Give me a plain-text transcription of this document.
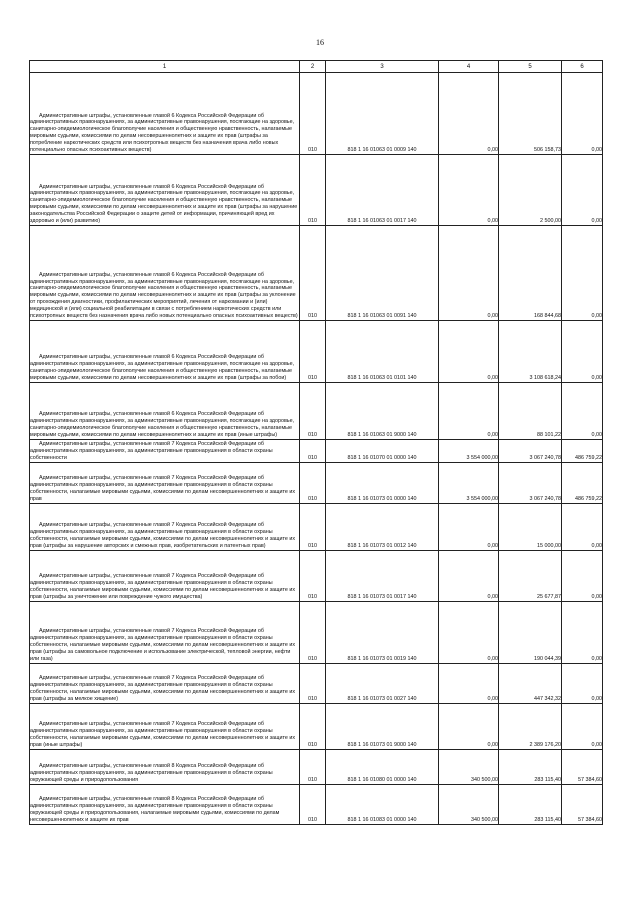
16
1	2	3	4	5	6

Административные штрафы, установленные главой 6 Кодекса Российской Федерации об административных правонарушениях, за административные правонарушения, посягающие на здоровье, санитарно-эпидемиологическое благополучие населения и общественную нравственность, налагаемые мировыми судьями, комиссиями по делам несовершеннолетних и защите их прав (штрафы за потребление наркотических средств или психотропных веществ без назначения врача либо новых потенциально опасных психоактивных веществ)	010	818 1 16 01063 01 0009 140	0,00	506 158,73	0,00

Административные штрафы, установленные главой 6 Кодекса Российской Федерации об административных правонарушениях, за административные правонарушения, посягающие на здоровье, санитарно-эпидемиологическое благополучие населения и общественную нравственность, налагаемые мировыми судьями, комиссиями по делам несовершеннолетних и защите их прав (штрафы за нарушение законодательства Российской Федерации о защите детей от информации, причиняющей вред их здоровью и (или) развитию)	010	818 1 16 01063 01 0017 140	0,00	2 500,00	0,00

Административные штрафы, установленные главой 6 Кодекса Российской Федерации об административных правонарушениях, за административные правонарушения, посягающие на здоровье, санитарно-эпидемиологическое благополучие населения и общественную нравственность, налагаемые мировыми судьями, комиссиями по делам несовершеннолетних и защите их прав (штрафы за уклонение от прохождения диагностики, профилактических мероприятий, лечения от наркомании и (или) медицинской и (или) социальной реабилитации в связи с потреблением наркотических средств или психотропных веществ без назначения врача либо новых потенциально опасных психоактивных веществ)	010	818 1 16 01063 01 0091 140	0,00	168 844,68	0,00

Административные штрафы, установленные главой 6 Кодекса Российской Федерации об административных правонарушениях, за административные правонарушения, посягающие на здоровье, санитарно-эпидемиологическое благополучие населения и общественную нравственность, налагаемые мировыми судьями, комиссиями по делам несовершеннолетних и защите их прав (штрафы за побои)	010	818 1 16 01063 01 0101 140	0,00	3 108 618,24	0,00

Административные штрафы, установленные главой 6 Кодекса Российской Федерации об административных правонарушениях, за административные правонарушения, посягающие на здоровье, санитарно-эпидемиологическое благополучие населения и общественную нравственность, налагаемые мировыми судьями, комиссиями по делам несовершеннолетних и защите их прав (иные штрафы)	010	818 1 16 01063 01 9000 140	0,00	88 101,22	0,00

Административные штрафы, установленные главой 7 Кодекса Российской Федерации об административных правонарушениях, за административные правонарушения в области охраны собственности	010	818 1 16 01070 01 0000 140	3 554 000,00	3 067 240,78	486 759,22

Административные штрафы, установленные главой 7 Кодекса Российской Федерации об административных правонарушениях, за административные правонарушения в области охраны собственности, налагаемые мировыми судьями, комиссиями по делам несовершеннолетних и защите их прав	010	818 1 16 01073 01 0000 140	3 554 000,00	3 067 240,78	486 759,22

Административные штрафы, установленные главой 7 Кодекса Российской Федерации об административных правонарушениях, за административные правонарушения в области охраны собственности, налагаемые мировыми судьями, комиссиями по делам несовершеннолетних и защите их прав (штрафы за нарушение авторских и смежных прав, изобретательских и патентных прав)	010	818 1 16 01073 01 0012 140	0,00	15 000,00	0,00

Административные штрафы, установленные главой 7 Кодекса Российской Федерации об административных правонарушениях, за административные правонарушения в области охраны собственности, налагаемые мировыми судьями, комиссиями по делам несовершеннолетних и защите их прав (штрафы за уничтожение или повреждение чужого имущества)	010	818 1 16 01073 01 0017 140	0,00	25 677,87	0,00

Административные штрафы, установленные главой 7 Кодекса Российской Федерации об административных правонарушениях, за административные правонарушения в области охраны собственности, налагаемые мировыми судьями, комиссиями по делам несовершеннолетних и защите их прав (штрафы за самовольное подключение и использование электрической, тепловой энергии, нефти или газа)	010	818 1 16 01073 01 0019 140	0,00	190 044,39	0,00

Административные штрафы, установленные главой 7 Кодекса Российской Федерации об административных правонарушениях, за административные правонарушения в области охраны собственности, налагаемые мировыми судьями, комиссиями по делам несовершеннолетних и защите их прав (штрафы за мелкое хищение)	010	818 1 16 01073 01 0027 140	0,00	447 342,32	0,00

Административные штрафы, установленные главой 7 Кодекса Российской Федерации об административных правонарушениях, за административные правонарушения в области охраны собственности, налагаемые мировыми судьями, комиссиями по делам несовершеннолетних и защите их прав (иные штрафы)	010	818 1 16 01073 01 9000 140	0,00	2 389 176,20	0,00

Административные штрафы, установленные главой 8 Кодекса Российской Федерации об административных правонарушениях, за административные правонарушения в области охраны окружающей среды и природопользования	010	818 1 16 01080 01 0000 140	340 500,00	283 115,40	57 384,60

Административные штрафы, установленные главой 8 Кодекса Российской Федерации об административных правонарушениях, за административные правонарушения в области охраны окружающей среды и природопользования, налагаемые мировыми судьями, комиссиями по делам несовершеннолетних и защите их прав	010	818 1 16 01083 01 0000 140	340 500,00	283 115,40	57 384,60
